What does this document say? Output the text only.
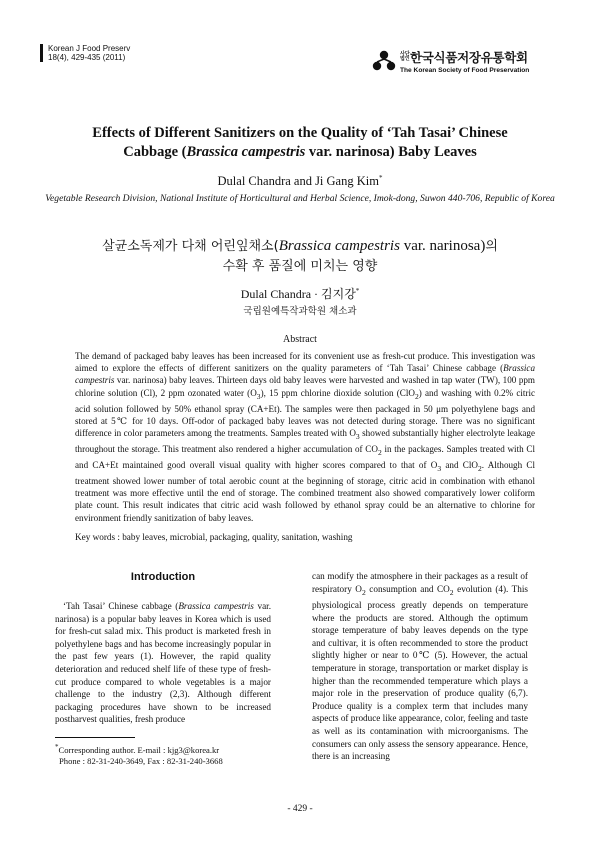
Korean J Food Preserv
18(4), 429-435 (2011)	사단법인 한국식품저장유통학회
The Korean Society of Food Preservation
Effects of Different Sanitizers on the Quality of ‘Tah Tasai’ Chinese
Cabbage (Brassica campestris var. narinosa) Baby Leaves
Dulal Chandra and Ji Gang Kim*
Vegetable Research Division, National Institute of Horticultural and Herbal Science, Imok-dong, Suwon 440-706, Republic of Korea
살균소독제가 다채 어린잎채소(Brassica campestris var. narinosa)의
수확 후 품질에 미치는 영향
Dulal Chandra · 김지강*
국립원예특작과학원 채소과
Abstract
The demand of packaged baby leaves has been increased for its convenient use as fresh-cut produce. This investigation was aimed to explore the effects of different sanitizers on the quality parameters of ‘Tah Tasai’ Chinese cabbage (Brassica campestris var. narinosa) baby leaves. Thirteen days old baby leaves were harvested and washed in tap water (TW), 100 ppm chlorine solution (Cl), 2 ppm ozonated water $(O_3)$, 15 ppm chlorine dioxide solution (ClO$_2$) and washing with 0.2% citric acid solution followed by 50% ethanol spray (CA+Et). The samples were then packaged in 50 μm polyethylene bags and stored at 5℃ for 10 days. Off-odor of packaged baby leaves was not detected during storage. There was no significant difference in color parameters among the treatments. Samples treated with $O_3$ showed substantially higher electrolyte leakage throughout the storage. This treatment also rendered a higher accumulation of $CO_2$ in the packages. Samples treated with Cl and CA+Et maintained good overall visual quality with higher scores compared to that of $O_3$ and ClO$_2$. Although Cl treatment showed lower number of total aerobic count at the beginning of storage, citric acid in combination with ethanol treatment was more effective until the end of storage. The combined treatment also showed comparatively lower coliform plate count. This result indicates that citric acid wash followed by ethanol spray could be an alternative to chlorine for environment friendly sanitization of baby leaves.
Key words : baby leaves, microbial, packaging, quality, sanitation, washing
Introduction
‘Tah Tasai’ Chinese cabbage (Brassica campestris var. narinosa) is a popular baby leaves in Korea which is used for fresh-cut salad mix. This product is marketed fresh in polyethylene bags and has become increasingly popular in the past few years (1). However, the rapid quality deterioration and reduced shelf life of these type of fresh-cut produce compared to whole vegetables is a major challenge to the industry (2,3). Although different packaging procedures have shown to be increased postharvest qualities, fresh produce
can modify the atmosphere in their packages as a result of respiratory $O_2$ consumption and $CO_2$ evolution (4). This physiological process greatly depends on temperature where the products are stored. Although the optimum storage temperature of baby leaves depends on the type and cultivar, it is often recommended to store the product slightly higher or near to 0℃ (5). However, the actual temperature in storage, transportation or market display is higher than the recommended temperature which plays a major role in the preservation of produce quality (6,7). Produce quality is a complex term that includes many aspects of produce like appearance, color, feeling and taste as well as its contamination with microorganisms. The consumers can only assess the sensory appearance. Hence, there is an increasing
*Corresponding author. E-mail : kjg3@korea.kr
Phone : 82-31-240-3649, Fax : 82-31-240-3668
- 429 -
